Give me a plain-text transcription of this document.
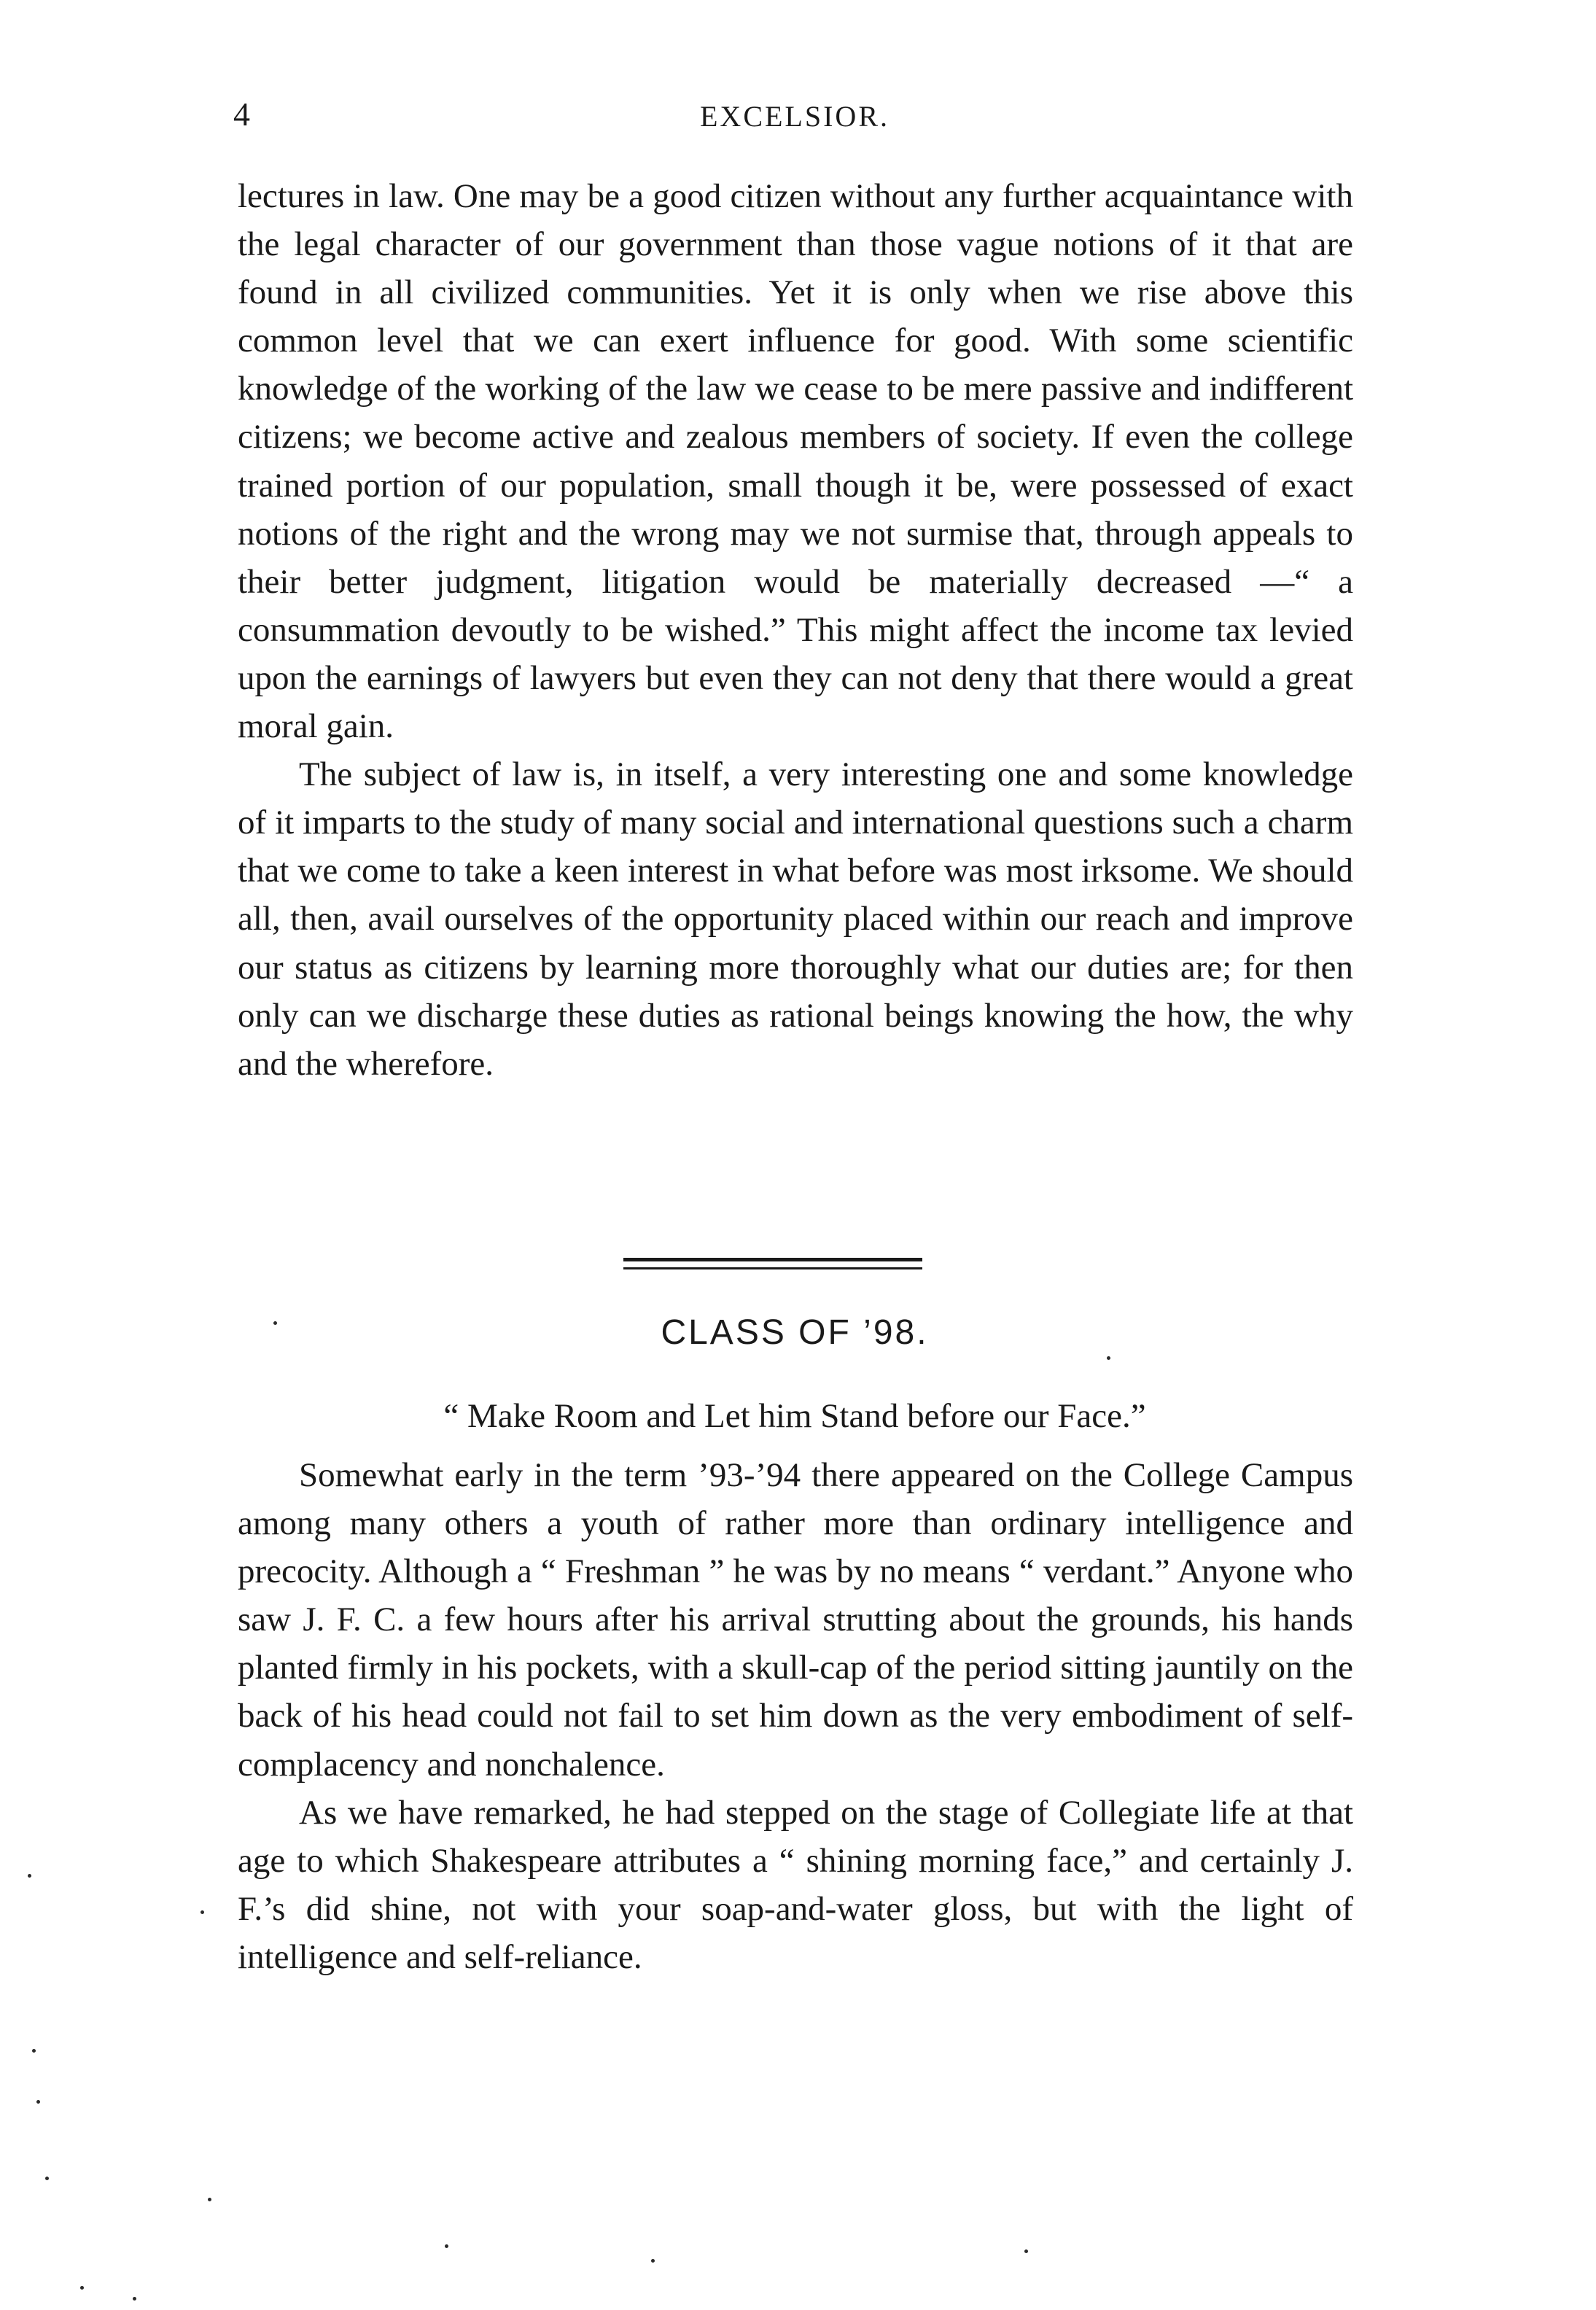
4	EXCELSIOR.

lectures in law. One may be a good citizen without any further acquaintance with the legal character of our government than those vague notions of it that are found in all civilized communities. Yet it is only when we rise above this common level that we can exert influence for good. With some scientific knowledge of the working of the law we cease to be mere passive and indifferent citizens; we become active and zealous members of society. If even the college trained portion of our population, small though it be, were possessed of exact notions of the right and the wrong may we not surmise that, through appeals to their better judgment, litigation would be materially decreased —“ a consummation devoutly to be wished.” This might affect the income tax levied upon the earnings of lawyers but even they can not deny that there would a great moral gain.

The subject of law is, in itself, a very interesting one and some knowledge of it imparts to the study of many social and international questions such a charm that we come to take a keen interest in what before was most irksome. We should all, then, avail ourselves of the opportunity placed within our reach and improve our status as citizens by learning more thoroughly what our duties are; for then only can we discharge these duties as rational beings knowing the how, the why and the wherefore.

CLASS OF ’98.
“ Make Room and Let him Stand before our Face.”

Somewhat early in the term ’93-’94 there appeared on the College Campus among many others a youth of rather more than ordinary intelligence and precocity. Although a “ Freshman ” he was by no means “ verdant.” Anyone who saw J. F. C. a few hours after his arrival strutting about the grounds, his hands planted firmly in his pockets, with a skull-cap of the period sitting jauntily on the back of his head could not fail to set him down as the very embodiment of self-complacency and nonchalence.

As we have remarked, he had stepped on the stage of Collegiate life at that age to which Shakespeare attributes a “ shining morning face,” and certainly J. F.’s did shine, not with your soap-and-water gloss, but with the light of intelligence and self-reliance.
